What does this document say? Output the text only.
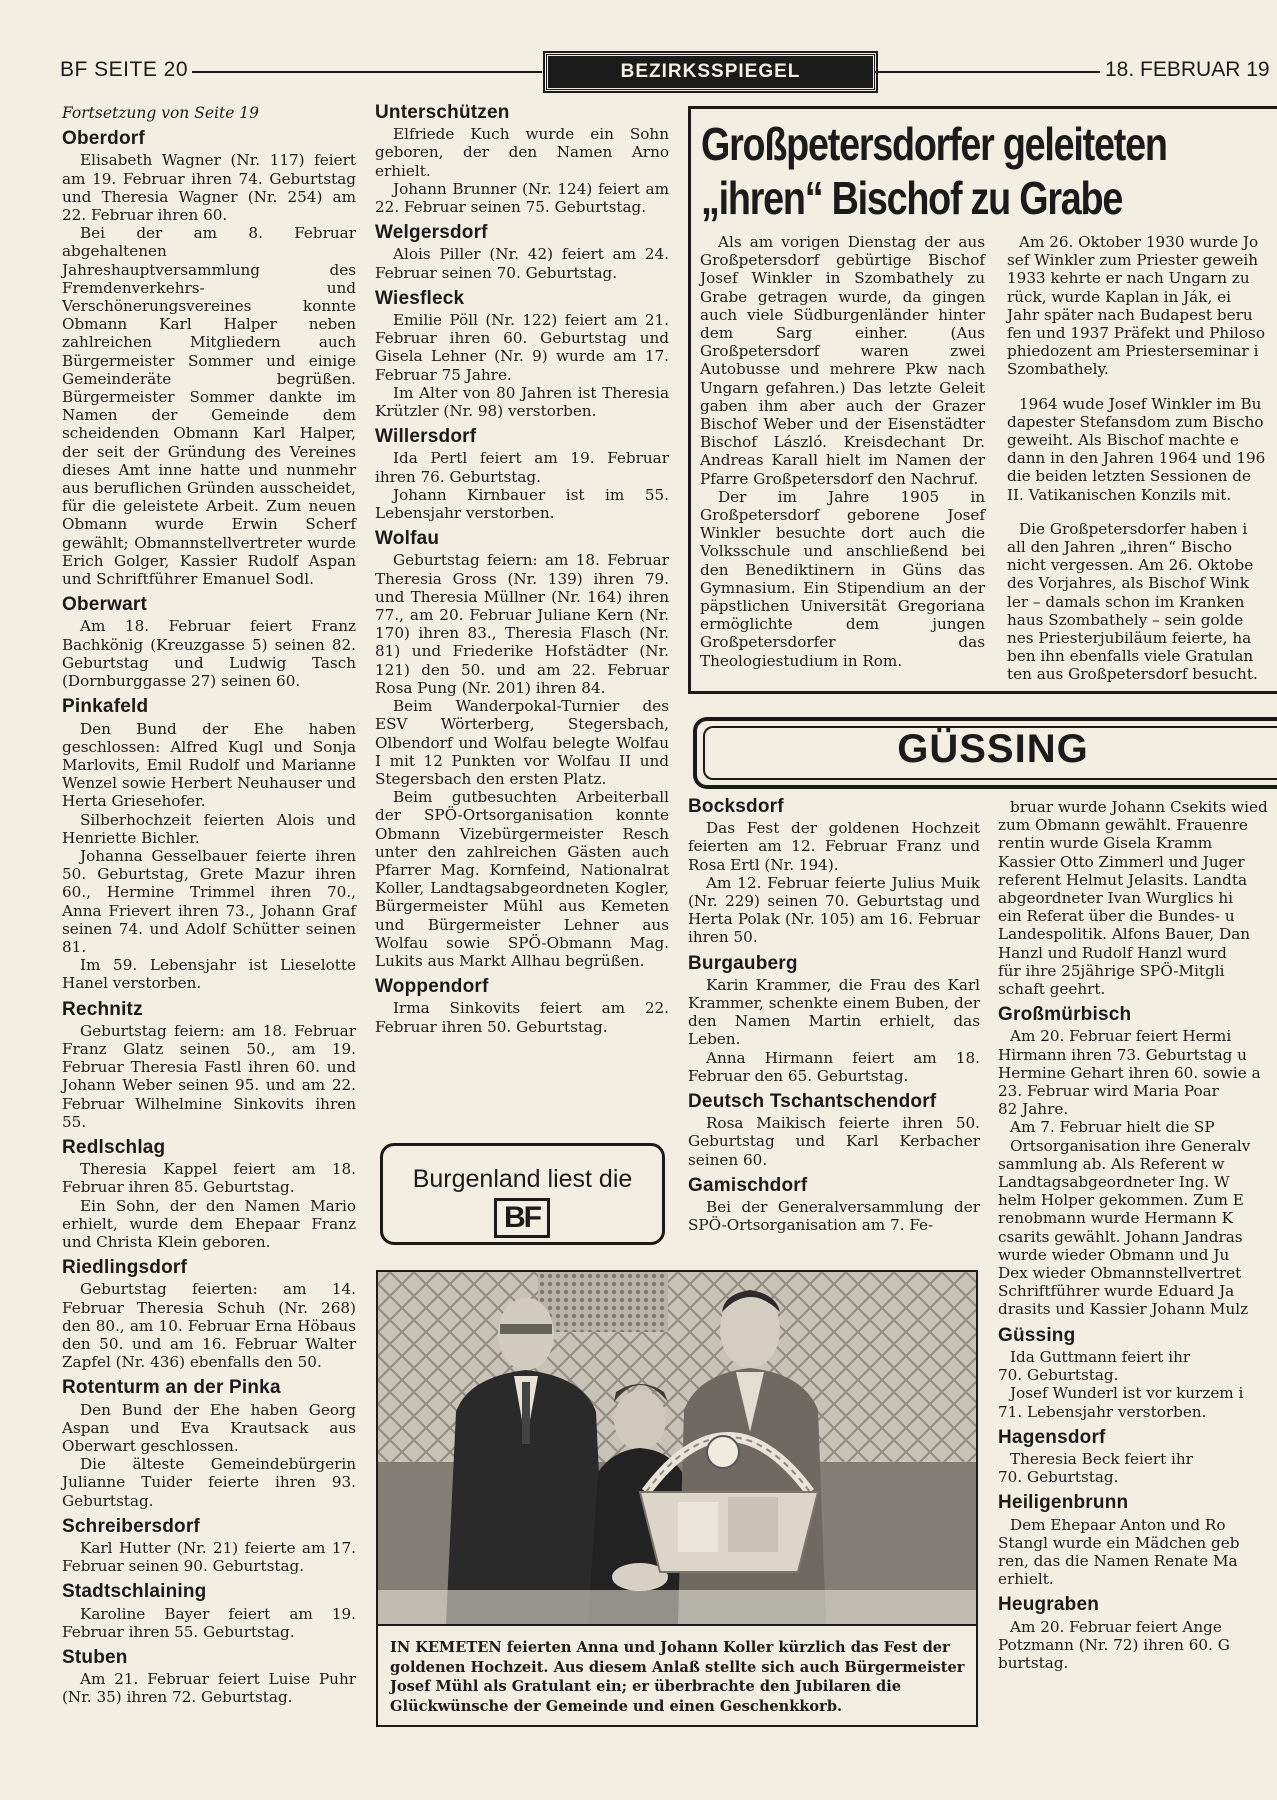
BF SEITE 20	BEZIRKSSPIEGEL	18. FEBRUAR 19
Fortsetzung von Seite 19
Oberdorf

Elisabeth Wagner (Nr. 117) feiert am 19. Februar ihren 74. Geburtstag und Theresia Wagner (Nr. 254) am 22. Februar ihren 60.

Bei der am 8. Februar abgehaltenen Jahreshauptversammlung des Fremdenverkehrs- und Verschönerungsvereines konnte Obmann Karl Halper neben zahlreichen Mitgliedern auch Bürgermeister Sommer und einige Gemeinderäte begrüßen. Bürgermeister Sommer dankte im Namen der Gemeinde dem scheidenden Obmann Karl Halper, der seit der Gründung des Vereines dieses Amt inne hatte und nunmehr aus beruflichen Gründen ausscheidet, für die geleistete Arbeit. Zum neuen Obmann wurde Erwin Scherf gewählt; Obmannstellvertreter wurde Erich Golger, Kassier Rudolf Aspan und Schriftführer Emanuel Sodl.

Oberwart

Am 18. Februar feiert Franz Bachkönig (Kreuzgasse 5) seinen 82. Geburtstag und Ludwig Tasch (Dornburggasse 27) seinen 60.

Pinkafeld

Den Bund der Ehe haben geschlossen: Alfred Kugl und Sonja Marlovits, Emil Rudolf und Marianne Wenzel sowie Herbert Neuhauser und Herta Griesehofer.

Silberhochzeit feierten Alois und Henriette Bichler.

Johanna Gesselbauer feierte ihren 50. Geburtstag, Grete Mazur ihren 60., Hermine Trimmel ihren 70., Anna Frievert ihren 73., Johann Graf seinen 74. und Adolf Schütter seinen 81.

Im 59. Lebensjahr ist Lieselotte Hanel verstorben.

Rechnitz

Geburtstag feiern: am 18. Februar Franz Glatz seinen 50., am 19. Februar Theresia Fastl ihren 60. und Johann Weber seinen 95. und am 22. Februar Wilhelmine Sinkovits ihren 55.

Redlschlag

Theresia Kappel feiert am 18. Februar ihren 85. Geburtstag.

Ein Sohn, der den Namen Mario erhielt, wurde dem Ehepaar Franz und Christa Klein geboren.

Riedlingsdorf

Geburtstag feierten: am 14. Februar Theresia Schuh (Nr. 268) den 80., am 10. Februar Erna Höbaus den 50. und am 16. Februar Walter Zapfel (Nr. 436) ebenfalls den 50.

Rotenturm an der Pinka

Den Bund der Ehe haben Georg Aspan und Eva Krautsack aus Oberwart geschlossen.

Die älteste Gemeindebürgerin Julianne Tuider feierte ihren 93. Geburtstag.

Schreibersdorf

Karl Hutter (Nr. 21) feierte am 17. Februar seinen 90. Geburtstag.

Stadtschlaining

Karoline Bayer feiert am 19. Februar ihren 55. Geburtstag.

Stuben

Am 21. Februar feiert Luise Puhr (Nr. 35) ihren 72. Geburtstag.

Unterschützen

Elfriede Kuch wurde ein Sohn geboren, der den Namen Arno erhielt.

Johann Brunner (Nr. 124) feiert am 22. Februar seinen 75. Geburtstag.

Welgersdorf

Alois Piller (Nr. 42) feiert am 24. Februar seinen 70. Geburtstag.

Wiesfleck

Emilie Pöll (Nr. 122) feiert am 21. Februar ihren 60. Geburtstag und Gisela Lehner (Nr. 9) wurde am 17. Februar 75 Jahre.

Im Alter von 80 Jahren ist Theresia Krützler (Nr. 98) verstorben.

Willersdorf

Ida Pertl feiert am 19. Februar ihren 76. Geburtstag.

Johann Kirnbauer ist im 55. Lebensjahr verstorben.

Wolfau

Geburtstag feiern: am 18. Februar Theresia Gross (Nr. 139) ihren 79. und Theresia Müllner (Nr. 164) ihren 77., am 20. Februar Juliane Kern (Nr. 170) ihren 83., Theresia Flasch (Nr. 81) und Friederike Hofstädter (Nr. 121) den 50. und am 22. Februar Rosa Pung (Nr. 201) ihren 84.

Beim Wanderpokal-Turnier des ESV Wörterberg, Stegersbach, Olbendorf und Wolfau belegte Wolfau I mit 12 Punkten vor Wolfau II und Stegersbach den ersten Platz.

Beim gutbesuchten Arbeiterball der SPÖ-Ortsorganisation konnte Obmann Vizebürgermeister Resch unter den zahlreichen Gästen auch Pfarrer Mag. Kornfeind, Nationalrat Koller, Landtagsabgeordneten Kogler, Bürgermeister Mühl aus Kemeten und Bürgermeister Lehner aus Wolfau sowie SPÖ-Obmann Mag. Lukits aus Markt Allhau begrüßen.

Woppendorf

Irma Sinkovits feiert am 22. Februar ihren 50. Geburtstag.

Burgenland liest die
BF
Großpetersdorfer geleiteten
„ihren“ Bischof zu Grabe

Als am vorigen Dienstag der aus Großpetersdorf gebürtige Bischof Josef Winkler in Szombathely zu Grabe getragen wurde, da gingen auch viele Südburgenländer hinter dem Sarg einher. (Aus Großpetersdorf waren zwei Autobusse und mehrere Pkw nach Ungarn gefahren.) Das letzte Geleit gaben ihm aber auch der Grazer Bischof Weber und der Eisenstädter Bischof László. Kreisdechant Dr. Andreas Karall hielt im Namen der Pfarre Großpetersdorf den Nachruf.

Der im Jahre 1905 in Großpetersdorf geborene Josef Winkler besuchte dort auch die Volksschule und anschließend bei den Benediktinern in Güns das Gymnasium. Ein Stipendium an der päpstlichen Universität Gregoriana ermöglichte dem jungen Großpetersdorfer das Theologiestudium in Rom.

Am 26. Oktober 1930 wurde Jo
sef Winkler zum Priester geweih
1933 kehrte er nach Ungarn zu
rück, wurde Kaplan in Ják, ei
Jahr später nach Budapest beru
fen und 1937 Präfekt und Philoso
phiedozent am Priesterseminar i
Szombathely.
1964 wude Josef Winkler im Bu
dapester Stefansdom zum Bischo
geweiht. Als Bischof machte e
dann in den Jahren 1964 und 196
die beiden letzten Sessionen de
II. Vatikanischen Konzils mit.
Die Großpetersdorfer haben i
all den Jahren „ihren“ Bischo
nicht vergessen. Am 26. Oktobe
des Vorjahres, als Bischof Wink
ler – damals schon im Kranken
haus Szombathely – sein golde
nes Priesterjubiläum feierte, ha
ben ihn ebenfalls viele Gratulan
ten aus Großpetersdorf besucht.
GÜSSING
Bocksdorf

Das Fest der goldenen Hochzeit feierten am 12. Februar Franz und Rosa Ertl (Nr. 194).

Am 12. Februar feierte Julius Muik (Nr. 229) seinen 70. Geburtstag und Herta Polak (Nr. 105) am 16. Februar ihren 50.

Burgauberg

Karin Krammer, die Frau des Karl Krammer, schenkte einem Buben, der den Namen Martin erhielt, das Leben.

Anna Hirmann feiert am 18. Februar den 65. Geburtstag.

Deutsch Tschantschendorf

Rosa Maikisch feierte ihren 50. Geburtstag und Karl Kerbacher seinen 60.

Gamischdorf

Bei der Generalversammlung der SPÖ-Ortsorganisation am 7. Fe-

bruar wurde Johann Csekits wied
zum Obmann gewählt. Frauenre
rentin wurde Gisela Kramm
Kassier Otto Zimmerl und Juger
referent Helmut Jelasits. Landta
abgeordneter Ivan Wurglics hi
ein Referat über die Bundes- u
Landespolitik. Alfons Bauer, Dan
Hanzl und Rudolf Hanzl wurd
für ihre 25jährige SPÖ-Mitgli
schaft geehrt.
Großmürbisch
Am 20. Februar feiert Hermi
Hirmann ihren 73. Geburtstag u
Hermine Gehart ihren 60. sowie a
23. Februar wird Maria Poar
82 Jahre.
Am 7. Februar hielt die SP
Ortsorganisation ihre Generalv
sammlung ab. Als Referent w
Landtagsabgeordneter Ing. W
helm Holper gekommen. Zum E
renobmann wurde Hermann K
csarits gewählt. Johann Jandras
wurde wieder Obmann und Ju
Dex wieder Obmannstellvertret
Schriftführer wurde Eduard Ja
drasits und Kassier Johann Mulz
Güssing
Ida Guttmann feiert ihr
70. Geburtstag.
Josef Wunderl ist vor kurzem i
71. Lebensjahr verstorben.
Hagensdorf
Theresia Beck feiert ihr
70. Geburtstag.
Heiligenbrunn
Dem Ehepaar Anton und Ro
Stangl wurde ein Mädchen geb
ren, das die Namen Renate Ma
erhielt.
Heugraben
Am 20. Februar feiert Ange
Potzmann (Nr. 72) ihren 60. G
burtstag.
IN KEMETEN feierten Anna und Johann Koller kürzlich das Fest der goldenen Hochzeit. Aus diesem Anlaß stellte sich auch Bürgermeister Josef Mühl als Gratulant ein; er überbrachte den Jubilaren die Glückwünsche der Gemeinde und einen Geschenkkorb.
